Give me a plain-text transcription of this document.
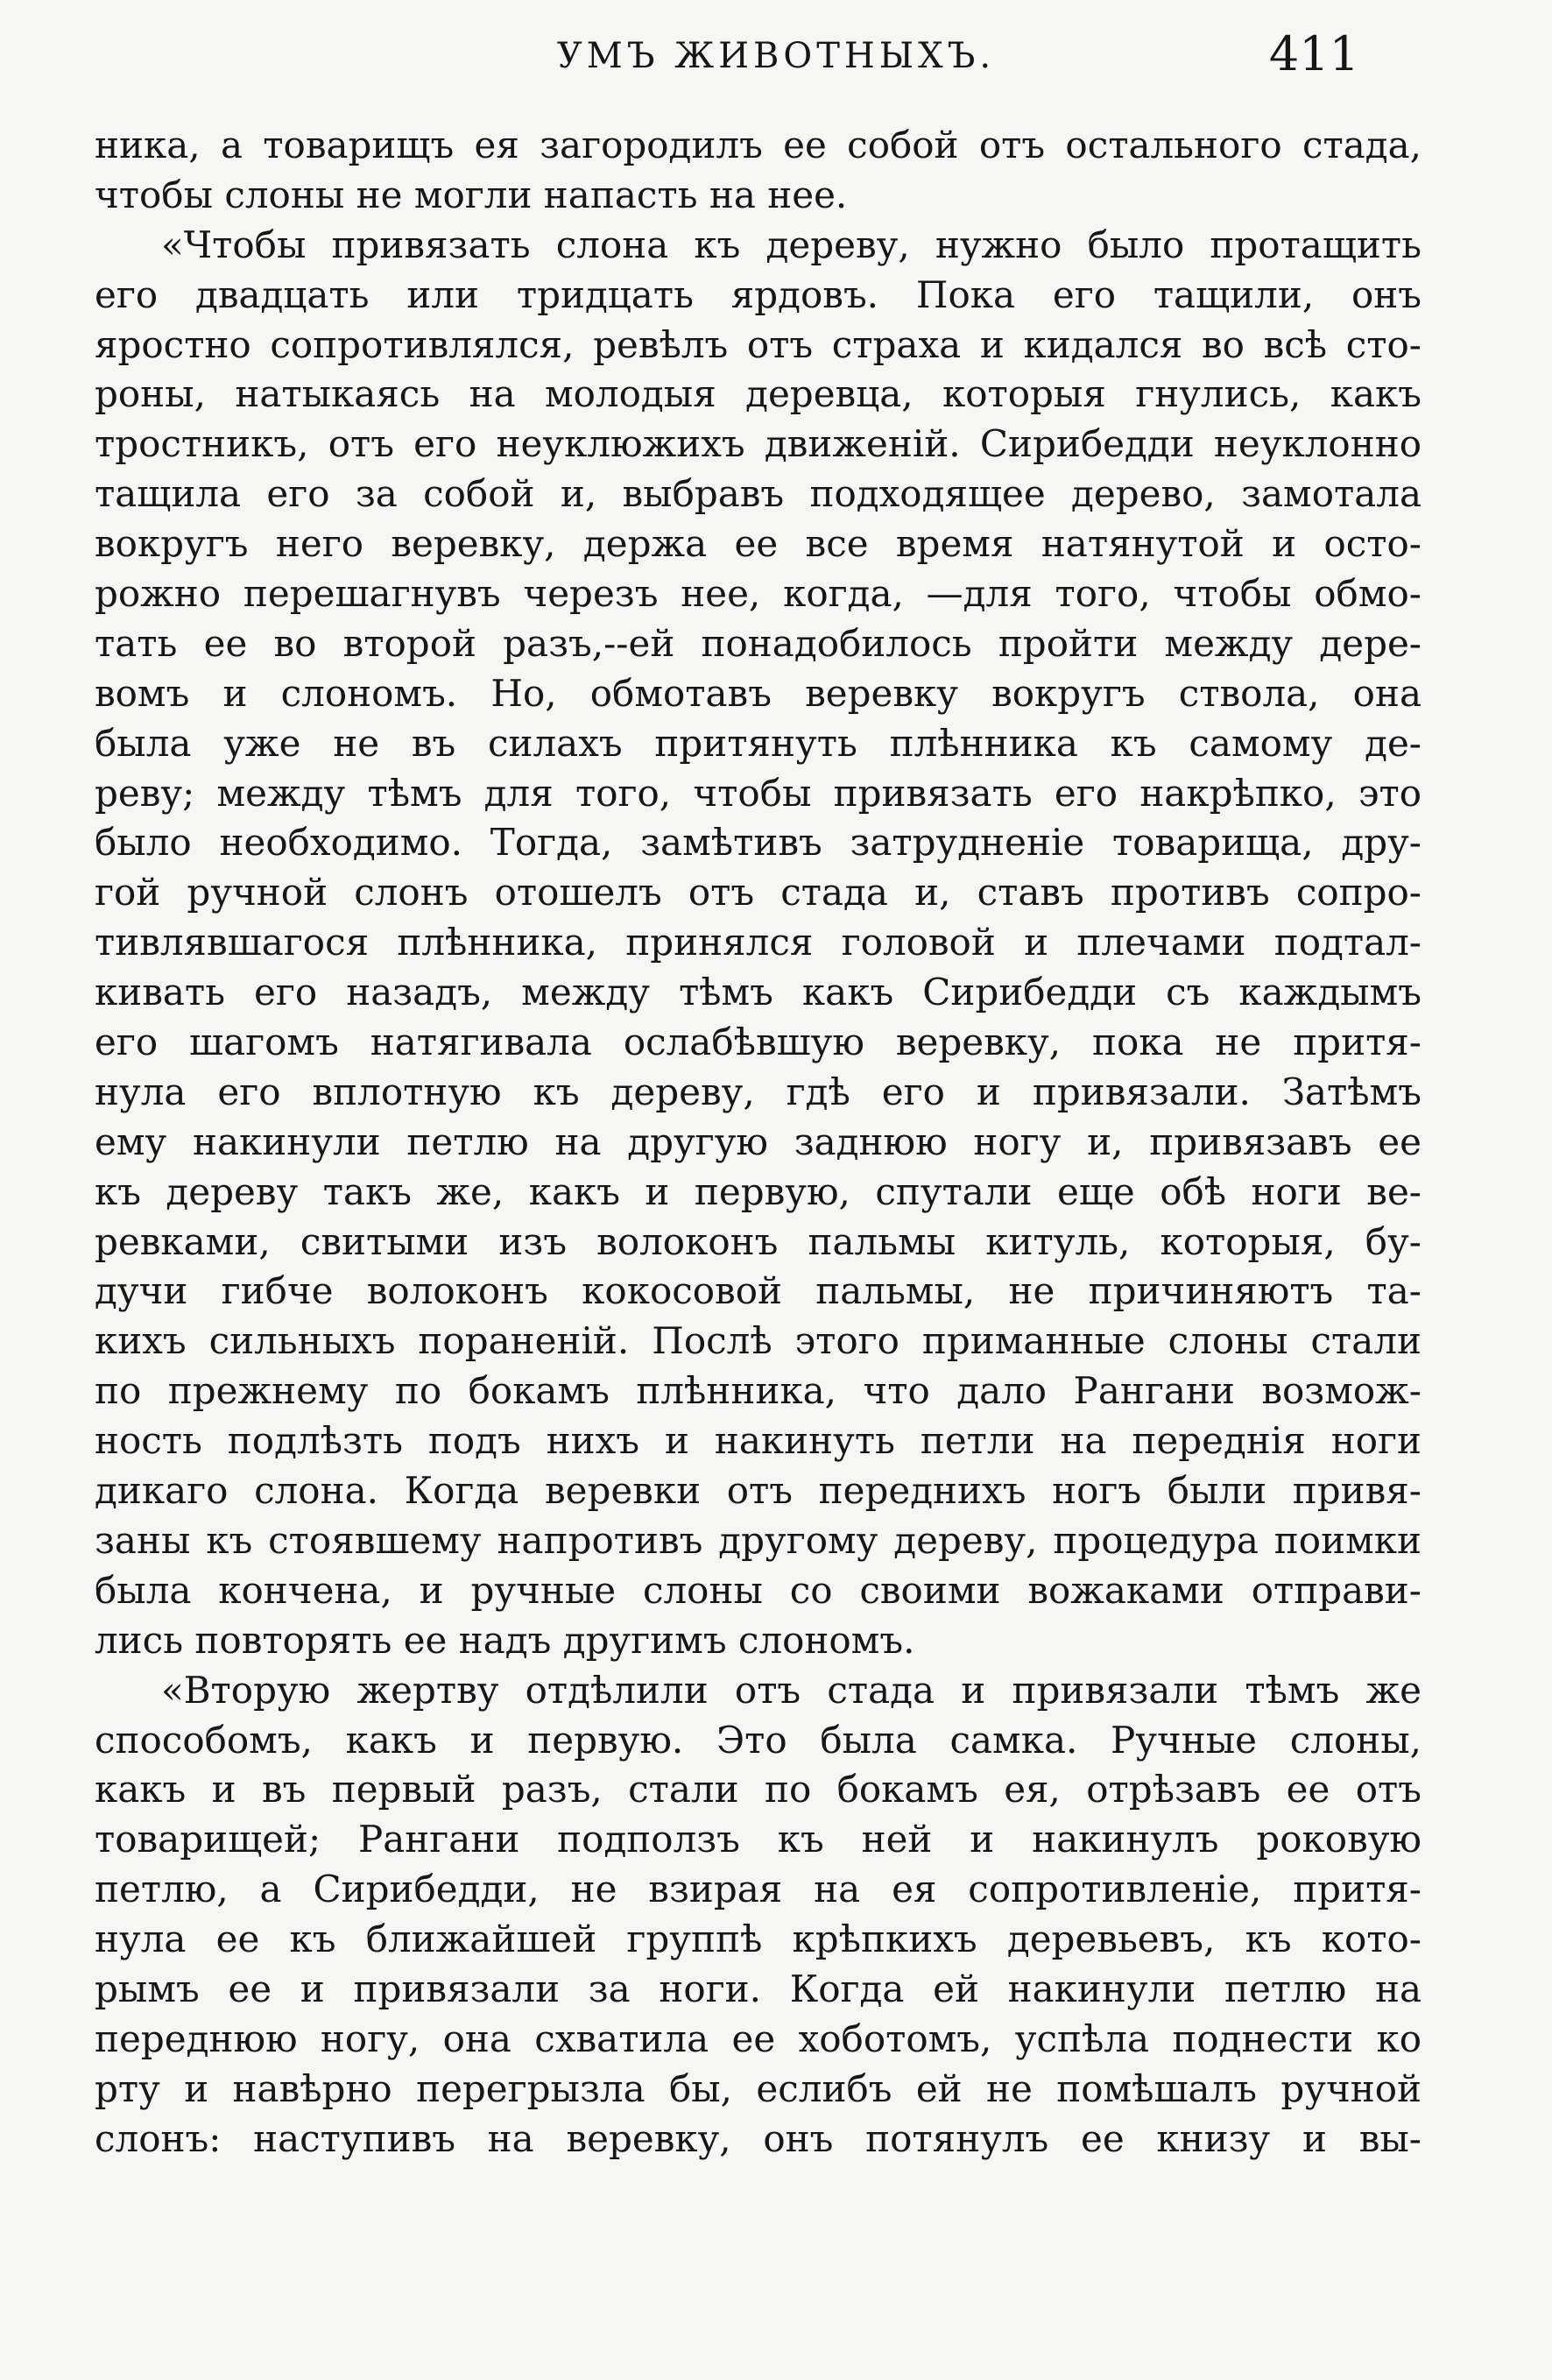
УМЪ ЖИВОТНЫХЪ.	411
ника, а товарищъ ея загородилъ ее собой отъ остального стада,
чтобы слоны не могли напасть на нее.
«Чтобы привязать слона къ дереву, нужно было протащить
его двадцать или тридцать ярдовъ. Пока его тащили, онъ
яростно сопротивлялся, ревѣлъ отъ страха и кидался во всѣ сто-
роны, натыкаясь на молодыя деревца, которыя гнулись, какъ
тростникъ, отъ его неуклюжихъ движеній. Сирибедди неуклонно
тащила его за собой и, выбравъ подходящее дерево, замотала
вокругъ него веревку, держа ее все время натянутой и осто-
рожно перешагнувъ черезъ нее, когда, —для того, чтобы обмо-
тать ее во второй разъ,--ей понадобилось пройти между дере-
вомъ и слономъ. Но, обмотавъ веревку вокругъ ствола, она
была уже не въ силахъ притянуть плѣнника къ самому де-
реву; между тѣмъ для того, чтобы привязать его накрѣпко, это
было необходимо. Тогда, замѣтивъ затрудненіе товарища, дру-
гой ручной слонъ отошелъ отъ стада и, ставъ противъ сопро-
тивлявшагося плѣнника, принялся головой и плечами подтал-
кивать его назадъ, между тѣмъ какъ Сирибедди съ каждымъ
его шагомъ натягивала ослабѣвшую веревку, пока не притя-
нула его вплотную къ дереву, гдѣ его и привязали. Затѣмъ
ему накинули петлю на другую заднюю ногу и, привязавъ ее
къ дереву такъ же, какъ и первую, спутали еще обѣ ноги ве-
ревками, свитыми изъ волоконъ пальмы китуль, которыя, бу-
дучи гибче волоконъ кокосовой пальмы, не причиняютъ та-
кихъ сильныхъ пораненій. Послѣ этого приманные слоны стали
по прежнему по бокамъ плѣнника, что дало Рангани возмож-
ность подлѣзть подъ нихъ и накинуть петли на переднія ноги
дикаго слона. Когда веревки отъ переднихъ ногъ были привя-
заны къ стоявшему напротивъ другому дереву, процедура поимки
была кончена, и ручные слоны со своими вожаками отправи-
лись повторять ее надъ другимъ слономъ.
«Вторую жертву отдѣлили отъ стада и привязали тѣмъ же
способомъ, какъ и первую. Это была самка. Ручные слоны,
какъ и въ первый разъ, стали по бокамъ ея, отрѣзавъ ее отъ
товарищей; Рангани подползъ къ ней и накинулъ роковую
петлю, а Сирибедди, не взирая на ея сопротивленіе, притя-
нула ее къ ближайшей группѣ крѣпкихъ деревьевъ, къ кото-
рымъ ее и привязали за ноги. Когда ей накинули петлю на
переднюю ногу, она схватила ее хоботомъ, успѣла поднести ко
рту и навѣрно перегрызла бы, еслибъ ей не помѣшалъ ручной
слонъ: наступивъ на веревку, онъ потянулъ ее книзу и вы-
